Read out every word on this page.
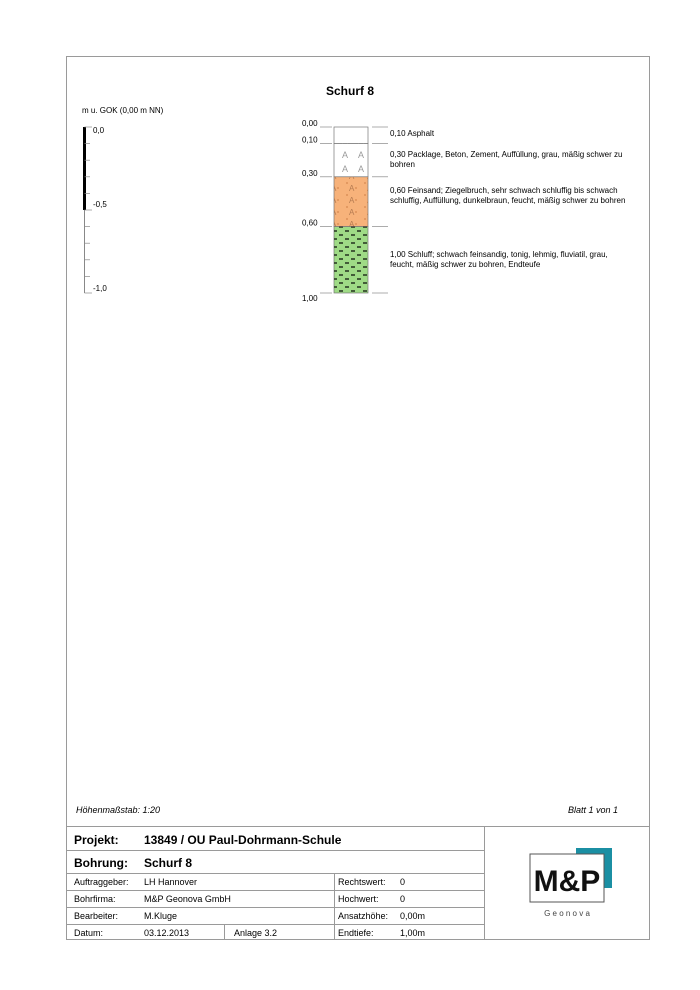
Schurf 8
m u. GOK (0,00 m NN)
0,0
-0,5
-1,0
0,00
0,10
0,30
0,60
1,00
0,10 Asphalt
0,30 Packlage, Beton, Zement, Auffüllung, grau, mäßig schwer zu bohren
0,60 Feinsand; Ziegelbruch, sehr schwach schluffig bis schwach schluffig, Auffüllung, dunkelbraun, feucht, mäßig schwer zu bohren
1,00 Schluff; schwach feinsandig, tonig, lehmig, fluviatil, grau, feucht, mäßig schwer zu bohren, Endteufe
Höhenmaßstab: 1:20	Blatt 1 von 1
Projekt: 13849 / OU Paul-Dohrmann-Schule
Bohrung: Schurf 8
Auftraggeber: LH Hannover
Bohrfirma:	M&P Geonova GmbH
Bearbeiter:	M.Kluge
Datum:	03.12.2013	Anlage 3.2
Rechtswert: 0
Hochwert: 0
Ansatzhöhe: 0,00m
Endtiefe:	1,00m
M&P
G e o n o v a
